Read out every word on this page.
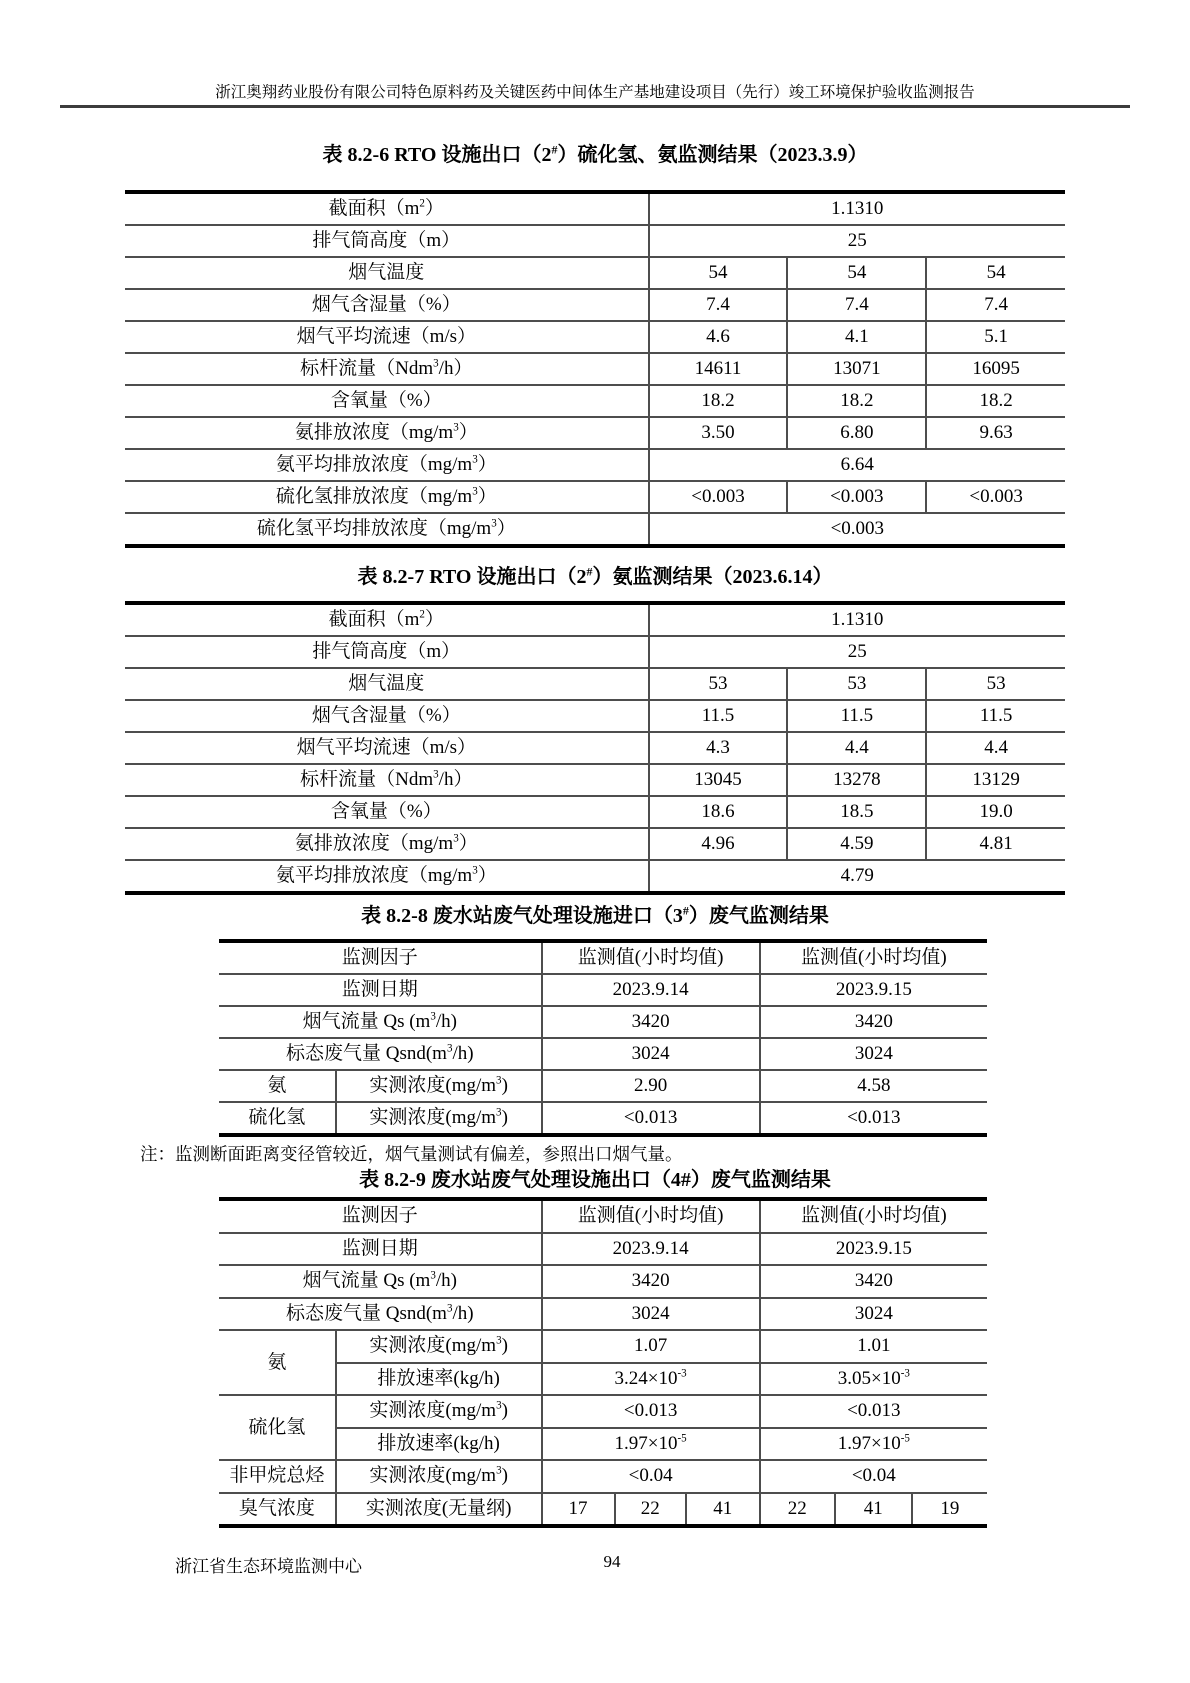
浙江奥翔药业股份有限公司特色原料药及关键医药中间体生产基地建设项目（先行）竣工环境保护验收监测报告
表 8.2-6 RTO 设施出口（2#）硫化氢、氨监测结果（2023.3.9）
截面积$(m^2)$	1.1310		
排气筒高度（m）	25		
烟气温度	54	54	54
烟气含湿量（%）	7.4	7.4	7.4
烟气平均流速（m/s）	4.6	4.1	5.1
标杆流量（Ndm$^3$/h）	14611	13071	16095
含氧量（%）	18.2	18.2	18.2
氨排放浓度$(mg/m^3)$	3.50	6.80	9.63
氨平均排放浓度$(mg/m^3)$	6.64		
硫化氢排放浓度$(mg/m^3)$	<0.003	<0.003	<0.003
硫化氢平均排放浓度$(mg/m^3)$	<0.003		
表 8.2-7 RTO 设施出口（2#）氨监测结果（2023.6.14）
截面积$(m^2)$	1.1310		
排气筒高度（m）	25		
烟气温度	53	53	53
烟气含湿量（%）	11.5	11.5	11.5
烟气平均流速（m/s）	4.3	4.4	4.4
标杆流量（Ndm$^3$/h）	13045	13278	13129
含氧量（%）	18.6	18.5	19.0
氨排放浓度$(mg/m^3)$	4.96	4.59	4.81
氨平均排放浓度$(mg/m^3)$	4.79		
表 8.2-8 废水站废气处理设施进口（3#）废气监测结果
监测因子		监测值(小时均值)	监测值(小时均值)
监测日期		2023.9.14	2023.9.15
烟气流量 Qs $(m^3/h)$		3420	3420
标态废气量 $Qsnd(m^3/h)$		3024	3024
氨	实测浓度$(mg/m^3)$	2.90	4.58
硫化氢	实测浓度$(mg/m^3)$	<0.013	<0.013
注：监测断面距离变径管较近，烟气量测试有偏差，参照出口烟气量。
表 8.2-9 废水站废气处理设施出口（4#）废气监测结果
监测因子		监测值(小时均值)			监测值(小时均值)		
监测日期		2023.9.14			2023.9.15		
烟气流量 Qs $(m^3/h)$		3420			3420		
标态废气量 $Qsnd(m^3/h)$		3024			3024		
氨	实测浓度$(mg/m^3)$	1.07			1.01		
	排放速率(kg/h)	$3.24\times 10^{-3}$			$3.05\times 10^{-3}$
硫化氢	实测浓度$(mg/m^3)$	<0.013			<0.013		
	排放速率(kg/h)	$1.97\times 10^{-5}$			$1.97\times 10^{-5}$
非甲烷总烃	实测浓度$(mg/m^3)$	<0.04			<0.04		
臭气浓度	实测浓度(无量纲)	17	22	41	22	41	19
浙江省生态环境监测中心	94
